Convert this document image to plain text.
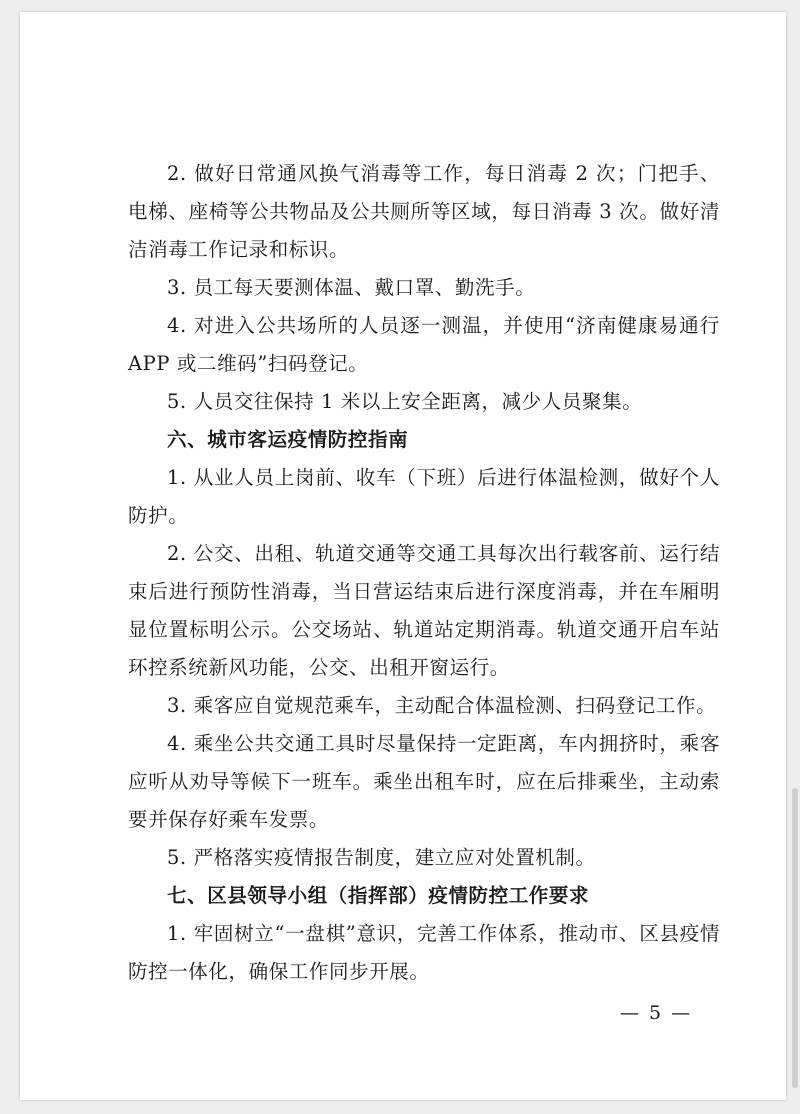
2. 做好日常通风换气消毒等工作，每日消毒 2 次；门把手、电梯、座椅等公共物品及公共厕所等区域，每日消毒 3 次。做好清洁消毒工作记录和标识。

3. 员工每天要测体温、戴口罩、勤洗手。

4. 对进入公共场所的人员逐一测温，并使用“济南健康易通行 APP 或二维码”扫码登记。

5. 人员交往保持 1 米以上安全距离，减少人员聚集。

六、城市客运疫情防控指南

1. 从业人员上岗前、收车（下班）后进行体温检测，做好个人防护。

2. 公交、出租、轨道交通等交通工具每次出行载客前、运行结束后进行预防性消毒，当日营运结束后进行深度消毒，并在车厢明显位置标明公示。公交场站、轨道站定期消毒。轨道交通开启车站环控系统新风功能，公交、出租开窗运行。

3. 乘客应自觉规范乘车，主动配合体温检测、扫码登记工作。

4. 乘坐公共交通工具时尽量保持一定距离，车内拥挤时，乘客应听从劝导等候下一班车。乘坐出租车时，应在后排乘坐，主动索要并保存好乘车发票。

5. 严格落实疫情报告制度，建立应对处置机制。

七、区县领导小组（指挥部）疫情防控工作要求

1. 牢固树立“一盘棋”意识，完善工作体系，推动市、区县疫情防控一体化，确保工作同步开展。

— 5 —
